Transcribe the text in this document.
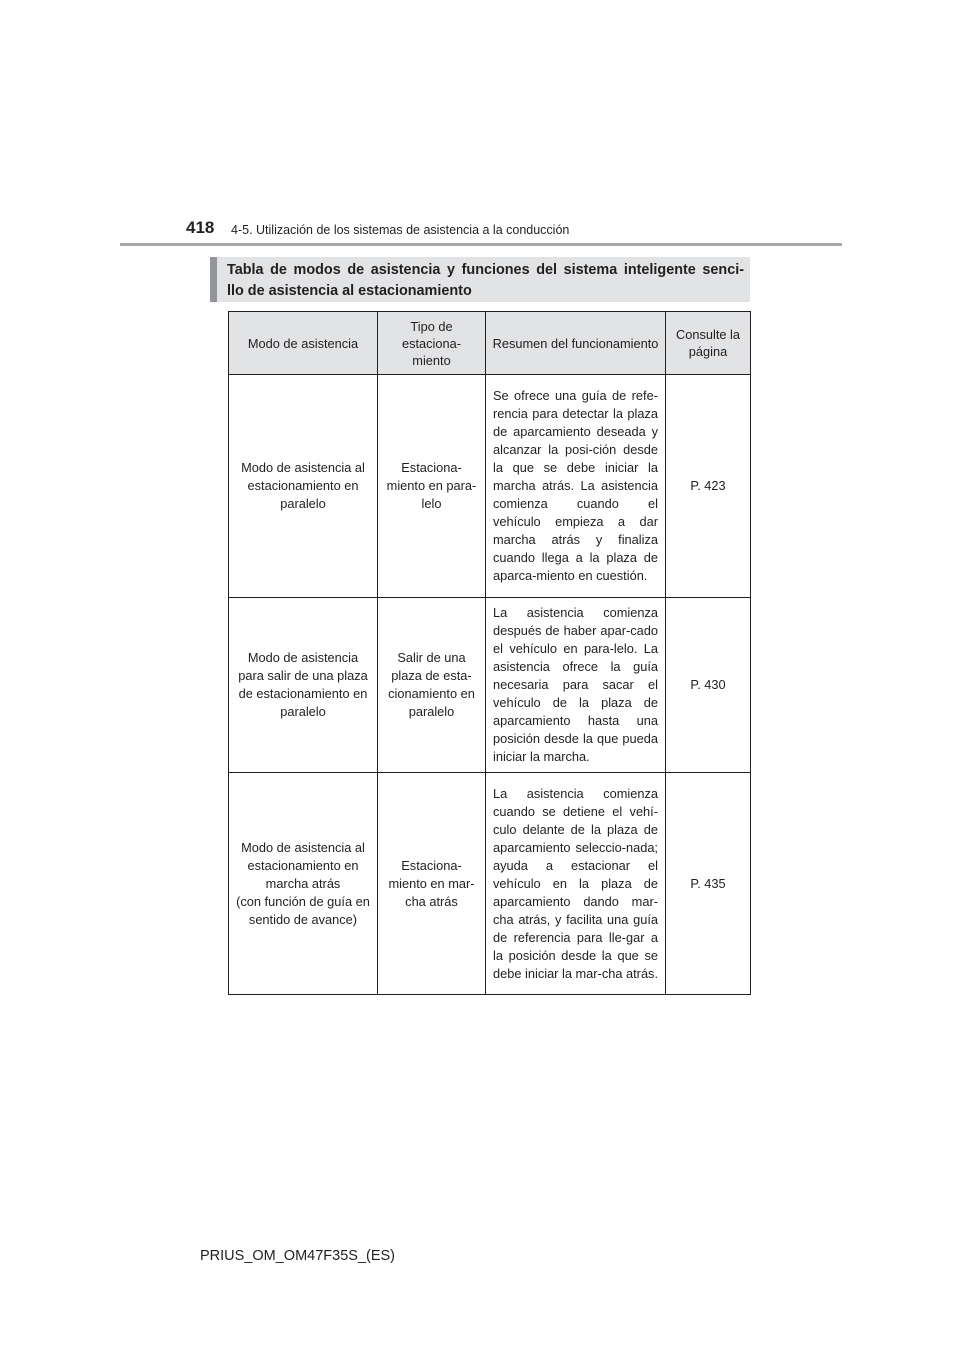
418 4-5. Utilización de los sistemas de asistencia a la conducción
Tabla de modos de asistencia y funciones del sistema inteligente senci-
llo de asistencia al estacionamiento
Modo de asistencia	Tipo de estaciona-miento	Resumen del funcionamiento	Consulte la página

Modo de asistencia al estacionamiento en paralelo	Estaciona-miento en para-lelo	Se ofrece una guía de refe-rencia para detectar la plaza de aparcamiento deseada y alcanzar la posi-ción desde la que se debe iniciar la marcha atrás. La asistencia comienza cuando el vehículo empieza a dar marcha atrás y finaliza cuando llega a la plaza de aparca-miento en cuestión.	P. 423

Modo de asistencia para salir de una plaza de estacionamiento en paralelo	Salir de una plaza de esta-cionamiento en paralelo	La asistencia comienza después de haber apar-cado el vehículo en para-lelo. La asistencia ofrece la guía necesaria para sacar el vehículo de la plaza de aparcamiento hasta una posición desde la que pueda iniciar la marcha.	P. 430

Modo de asistencia al estacionamiento en marcha atrás
(con función de guía en sentido de avance)	Estaciona-miento en mar-cha atrás	La asistencia comienza cuando se detiene el vehí-culo delante de la plaza de aparcamiento seleccio-nada; ayuda a estacionar el vehículo en la plaza de aparcamiento dando mar-cha atrás, y facilita una guía de referencia para lle-gar a la posición desde la que se debe iniciar la mar-cha atrás.	P. 435
PRIUS_OM_OM47F35S_(ES)
